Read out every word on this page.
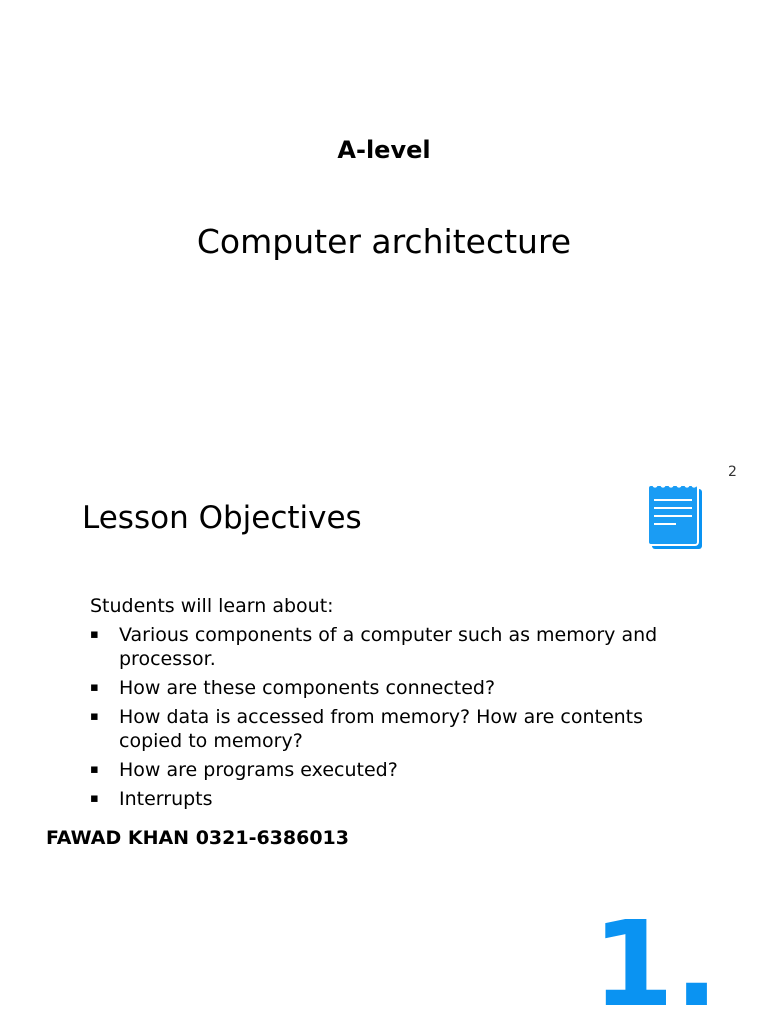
A-level
Computer architecture
2
Lesson Objectives
Students will learn about:
▪ Various components of a computer such as memory and processor.
▪ How are these components connected?
▪ How data is accessed from memory? How are contents copied to memory?
▪ How are programs executed?
▪ Interrupts
FAWAD KHAN 0321-6386013
1.
